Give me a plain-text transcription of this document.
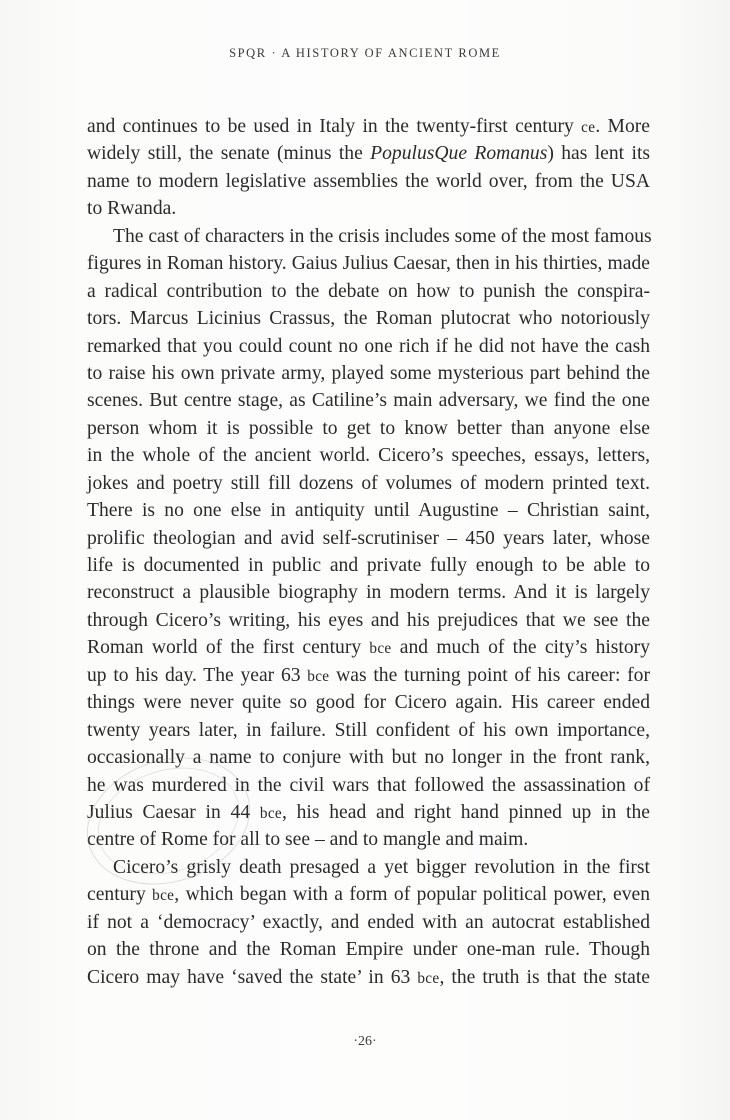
SPQR · A HISTORY OF ANCIENT ROME
and continues to be used in Italy in the twenty-first century ce. More
widely still, the senate (minus the PopulusQue Romanus) has lent its
name to modern legislative assemblies the world over, from the USA
to Rwanda.
The cast of characters in the crisis includes some of the most famous
figures in Roman history. Gaius Julius Caesar, then in his thirties, made
a radical contribution to the debate on how to punish the conspira-
tors. Marcus Licinius Crassus, the Roman plutocrat who notoriously
remarked that you could count no one rich if he did not have the cash
to raise his own private army, played some mysterious part behind the
scenes. But centre stage, as Catiline’s main adversary, we find the one
person whom it is possible to get to know better than anyone else
in the whole of the ancient world. Cicero’s speeches, essays, letters,
jokes and poetry still fill dozens of volumes of modern printed text.
There is no one else in antiquity until Augustine – Christian saint,
prolific theologian and avid self-scrutiniser – 450 years later, whose
life is documented in public and private fully enough to be able to
reconstruct a plausible biography in modern terms. And it is largely
through Cicero’s writing, his eyes and his prejudices that we see the
Roman world of the first century bce and much of the city’s history
up to his day. The year 63 bce was the turning point of his career: for
things were never quite so good for Cicero again. His career ended
twenty years later, in failure. Still confident of his own importance,
occasionally a name to conjure with but no longer in the front rank,
he was murdered in the civil wars that followed the assassination of
Julius Caesar in 44 bce, his head and right hand pinned up in the
centre of Rome for all to see – and to mangle and maim.
Cicero’s grisly death presaged a yet bigger revolution in the first
century bce, which began with a form of popular political power, even
if not a ‘democracy’ exactly, and ended with an autocrat established
on the throne and the Roman Empire under one-man rule. Though
Cicero may have ‘saved the state’ in 63 bce, the truth is that the state
·26·
